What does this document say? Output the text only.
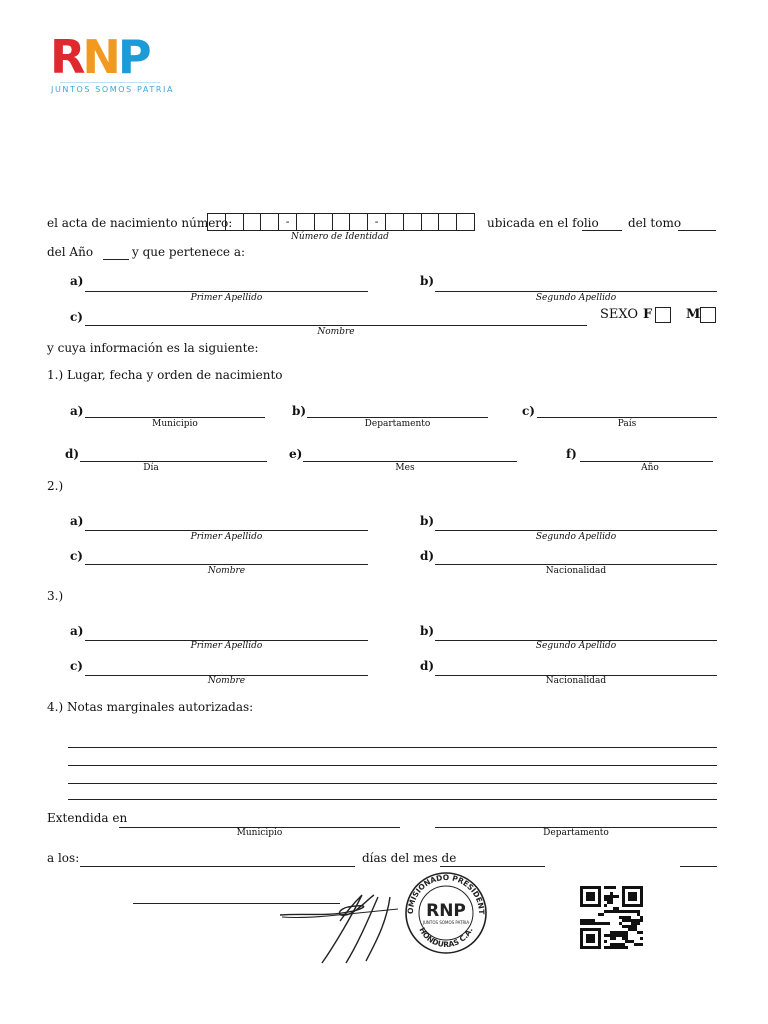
RNP
JUNTOS SOMOS PATRIA
el acta de nacimiento número:	-	-
Número de Identidad
ubicada en el folio del tomo
del Año	y que pertenece a:
a)
Primer Apellido
b)
Segundo Apellido
c)
Nombre
SEXO F	M
y cuya información es la siguiente:
1.) Lugar, fecha y orden de nacimiento
a)
Municipio
b)
Departamento
c)
País
d)
Día
e)
Mes
f)
Año
2.)
a)
Primer Apellido
b)
Segundo Apellido
c)
Nombre
d)
Nacionalidad
3.)
a)
Primer Apellido
b)
Segundo Apellido
c)
Nombre
d)
Nacionalidad
4.) Notas marginales autorizadas:
Extendida en
Municipio	Departamento
a los:	días del mes de
OMISIONADO PRESIDENT
HONDURAS C.A.
RNP
JUNTOS SOMOS PATRIA
